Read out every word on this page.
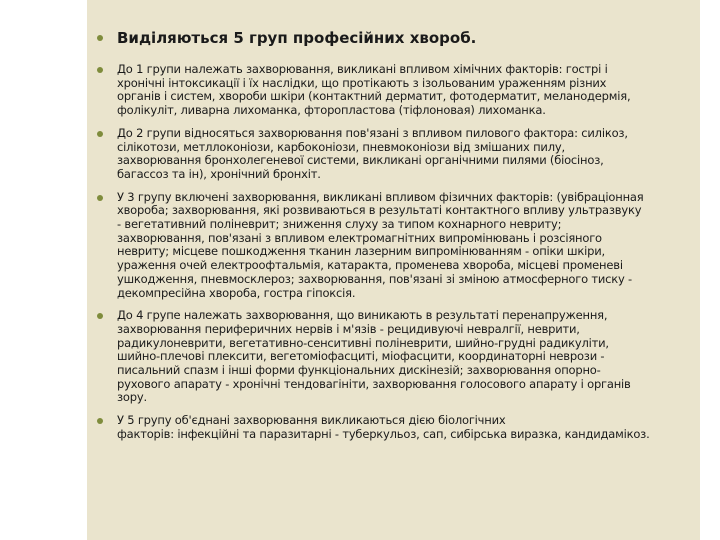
Виділяються 5 груп професійних хвороб.
До 1 групи належать захворювання, викликані впливом хімічних факторів: гострі і
хронічні інтоксикації і їх наслідки, що протікають з ізольованим ураженням різних
органів і систем, хвороби шкіри (контактний дерматит, фотодерматит, меланодермія,
фолікуліт, ливарна лихоманка, фторопластова (тіфлоновая) лихоманка.
До 2 групи відносяться захворювання пов'язані з впливом пилового фактора: силікоз,
сілікотози, метллоконіози, карбоконіози, пневмоконіози від змішаних пилу,
захворювання бронхолегеневої системи, викликані органічними пилями (біосіноз,
багассоз та ін), хронічний бронхіт.
У 3 групу включені захворювання, викликані впливом фізичних факторів: (увібраціонная
хвороба; захворювання, які розвиваються в результаті контактного впливу ультразвуку
- вегетативний поліневрит; зниження слуху за типом кохнарного невриту;
захворювання, пов'язані з впливом електромагнітних випромінювань і розсіяного
невриту; місцеве пошкодження тканин лазерним випромінюванням - опіки шкіри,
ураження очей електроофтальмія, катаракта, променева хвороба, місцеві променеві
ушкодження, пневмосклероз; захворювання, пов'язані зі зміною атмосферного тиску -
декомпресійна хвороба, гостра гіпоксія.
До 4 групе належать захворювання, що виникають в результаті перенапруження,
захворювання периферичних нервів і м'язів - рецидивуючі невралгії, неврити,
радикулоневрити, вегетативно-сенситивні поліневрити, шийно-грудні радикуліти,
шийно-плечові плексити, вегетоміофасциті, міофасцити, координаторні неврози -
писальний спазм і інші форми функціональних дискінезій; захворювання опорно-
рухового апарату - хронічні тендовагініти, захворювання голосового апарату і органів
зору.
У 5 групу об'єднані захворювання викликаються дією біологічних
факторів: інфекційні та паразитарні - туберкульоз, сап, сибірська виразка, кандидамікоз.
